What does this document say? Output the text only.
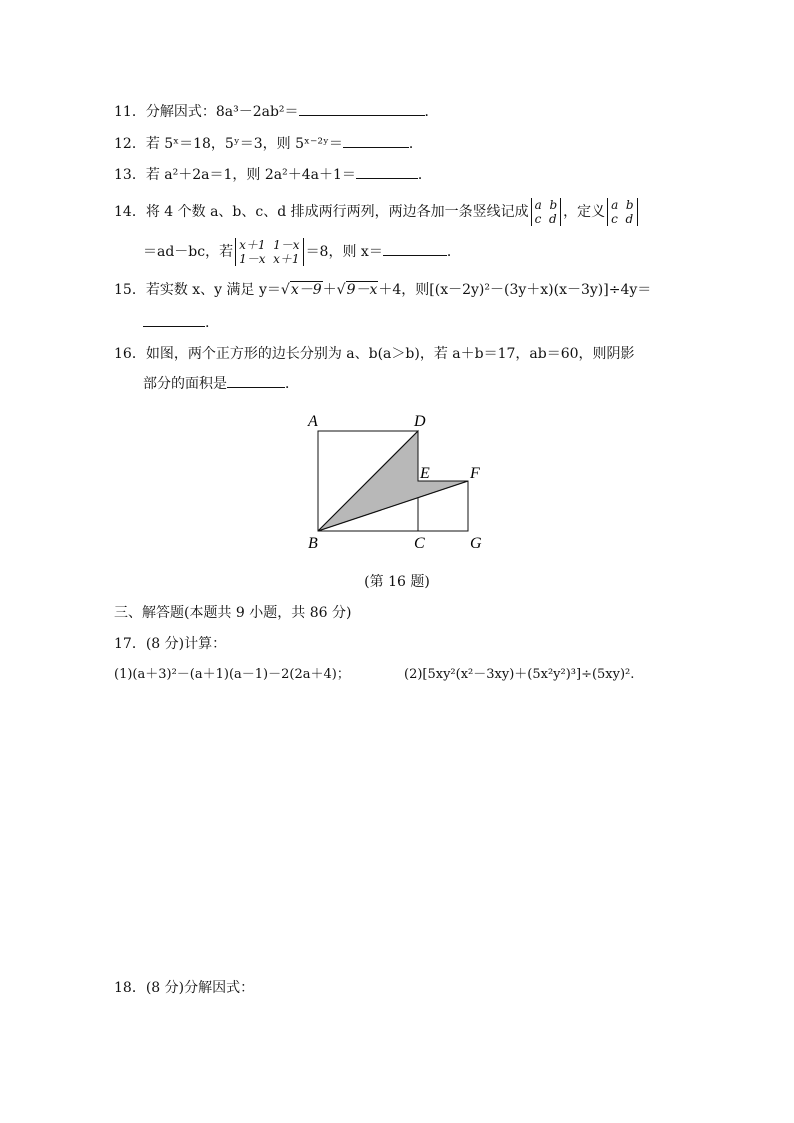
11．分解因式：8a³－2ab²＝	．
12．若 5ˣ＝18，5ʸ＝3，则 5ˣ⁻²ʸ＝	．
13．若 a²＋2a＝1，则 2a²＋4a＋1＝	．
14．将 4 个数 a、b、c、d 排成两行两列，两边各加一条竖线记成 a  b
c  d ，定义 a  b
c  d
＝ad－bc，若 x＋1  1－x
1－x  x＋1 ＝8，则 x＝	．
15．若实数 x、y 满足 y＝√x－9＋√9－x＋4，则[(x－2y)²－(3y＋x)(x－3y)]÷4y＝
.
16．如图，两个正方形的边长分别为 a、b(a＞b)，若 a＋b＝17，ab＝60，则阴影
部分的面积是	．
A	D
E	F
B	C	G
(第 16 题)
三、解答题(本题共 9 小题，共 86 分)
17．(8 分)计算：
(1)(a＋3)²－(a＋1)(a－1)－2(2a＋4)；	(2)[5xy²(x²－3xy)＋(5x²y²)³]÷(5xy)².
18．(8 分)分解因式：
